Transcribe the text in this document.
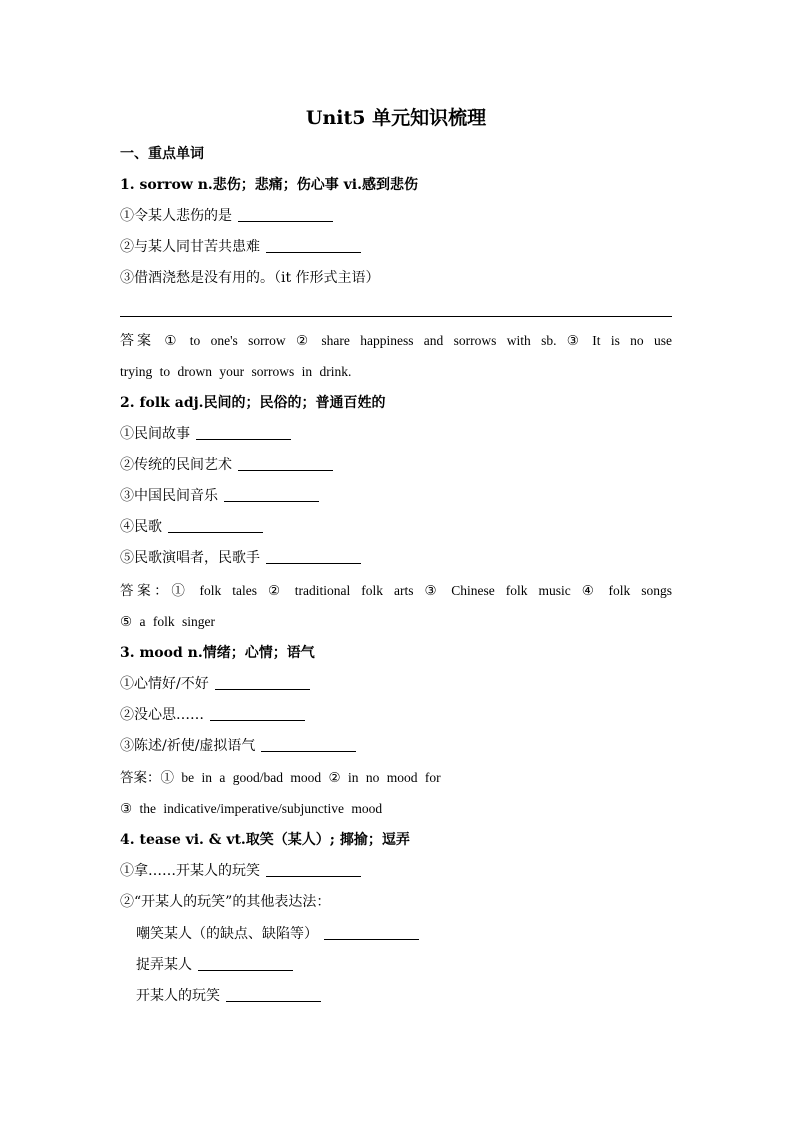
Unit5 单元知识梳理
一、重点单词
1. sorrow n.悲伤；悲痛；伤心事 vi.感到悲伤
①令某人悲伤的是
②与某人同甘苦共患难
③借酒浇愁是没有用的。（it 作形式主语）
答案 ① to one's sorrow ② share happiness and sorrows with sb. ③ It is no use
trying to drown your sorrows in drink.
2. folk adj.民间的；民俗的；普通百姓的
①民间故事
②传统的民间艺术
③中国民间音乐
④民歌
⑤民歌演唱者，民歌手
答案：① folk tales ② traditional folk arts ③ Chinese folk music ④ folk songs
⑤ a folk singer
3. mood n.情绪；心情；语气
①心情好/不好
②没心思……
③陈述/祈使/虚拟语气
答案：① be in a good/bad mood ② in no mood for
③ the indicative/imperative/subjunctive mood
4. tease vi. & vt.取笑（某人）; 揶揄；逗弄
①拿……开某人的玩笑
②“开某人的玩笑”的其他表达法：
嘲笑某人（的缺点、缺陷等）
捉弄某人
开某人的玩笑
